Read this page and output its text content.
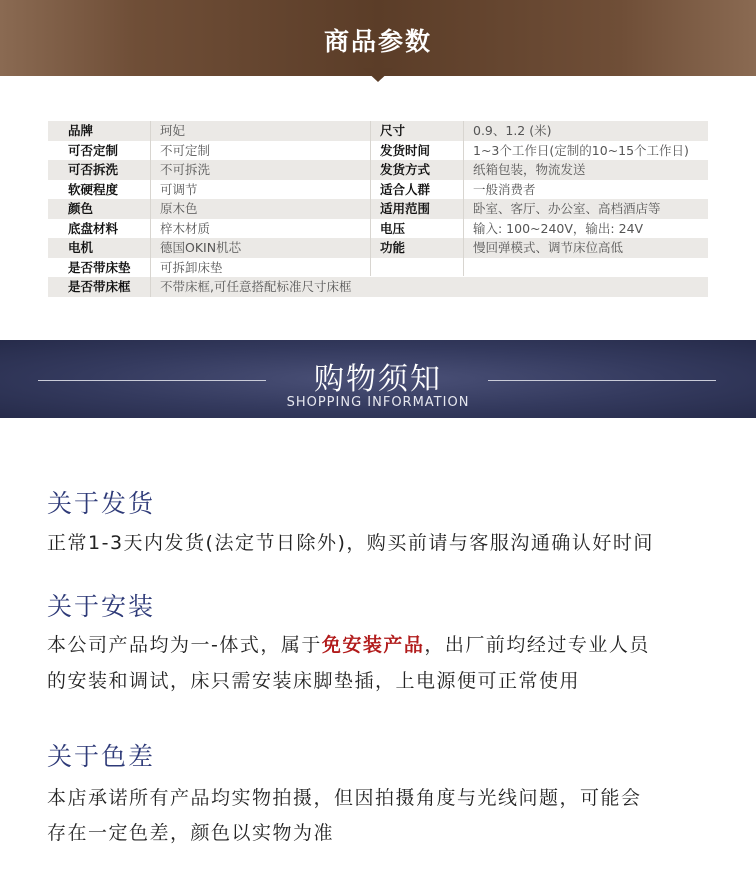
商品参数
品牌	珂妃	尺寸	0.9、1.2 (米)
可否定制	不可定制	发货时间	1~3个工作日(定制的10~15个工作日)
可否拆洗	不可拆洗	发货方式	纸箱包装，物流发送
软硬程度	可调节	适合人群	一般消费者
颜色	原木色	适用范围	卧室、客厅、办公室、高档酒店等
底盘材料	梓木材质	电压	输入: 100~240V，输出: 24V
电机	德国OKIN机芯	功能	慢回弹模式、调节床位高低
是否带床垫 可拆卸床垫
是否带床框 不带床框,可任意搭配标准尺寸床框
购物须知
SHOPPING INFORMATION
关于发货
正常1-3天内发货(法定节日除外)，购买前请与客服沟通确认好时间
关于安装
本公司产品均为一-体式，属于免安装产品，出厂前均经过专业人员
的安装和调试，床只需安装床脚垫插，上电源便可正常使用
关于色差
本店承诺所有产品均实物拍摄，但因拍摄角度与光线问题，可能会
存在一定色差，颜色以实物为准
